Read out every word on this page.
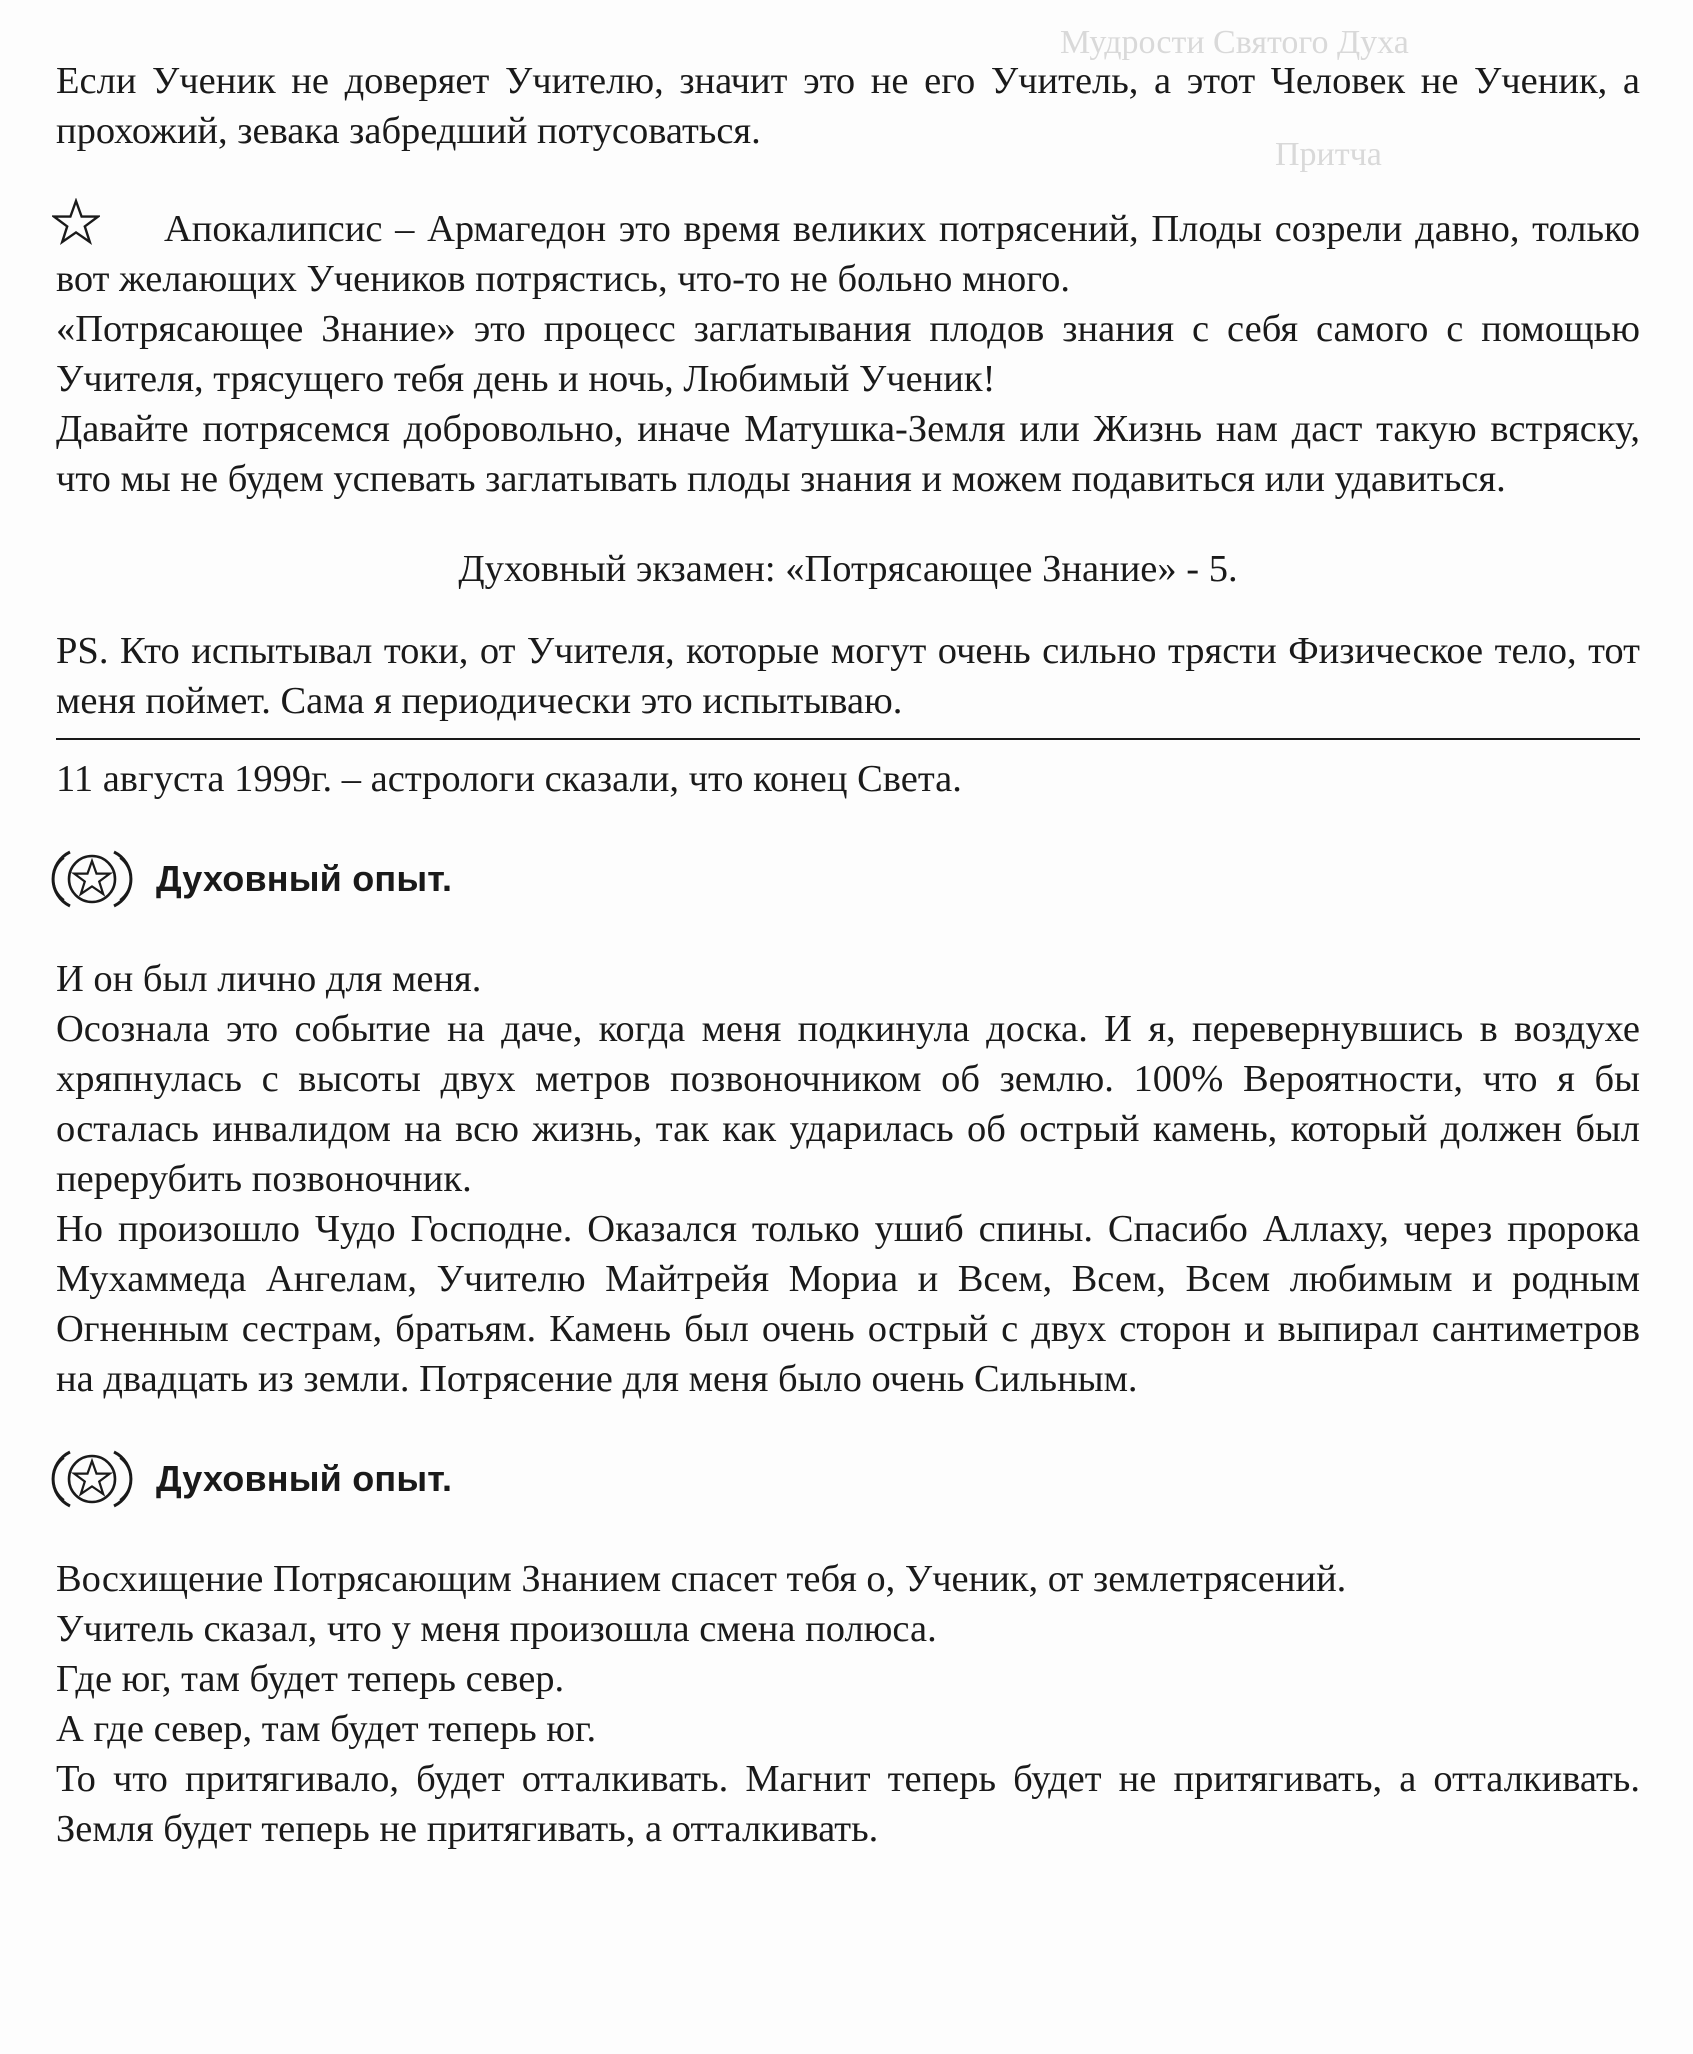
Мудрости Святого Духа
Притча

Если Ученик не доверяет Учителю, значит это не его Учитель, а этот Человек не Ученик, а прохожий, зевака забредший потусоваться.

Апокалипсис – Армагедон это время великих потрясений, Плоды созрели давно, только вот желающих Учеников потрястись, что-то не больно много.

«Потрясающее Знание» это процесс заглатывания плодов знания с себя самого с помощью Учителя, трясущего тебя день и ночь, Любимый Ученик!

Давайте потрясемся добровольно, иначе Матушка-Земля или Жизнь нам даст такую встряску, что мы не будем успевать заглатывать плоды знания и можем подавиться или удавиться.

Духовный экзамен: «Потрясающее Знание» - 5.

PS. Кто испытывал токи, от Учителя, которые могут очень сильно трясти Физическое тело, тот меня поймет. Сама я периодически это испытываю.

11 августа 1999г. – астрологи сказали, что конец Света.

Духовный опыт.

И он был лично для меня.

Осознала это событие на даче, когда меня подкинула доска. И я, перевернувшись в воздухе хряпнулась с высоты двух метров позвоночником об землю. 100% Вероятности, что я бы осталась инвалидом на всю жизнь, так как ударилась об острый камень, который должен был перерубить позвоночник.

Но произошло Чудо Господне. Оказался только ушиб спины. Спасибо Аллаху, через пророка Мухаммеда Ангелам, Учителю Майтрейя Мориа и Всем, Всем, Всем любимым и родным Огненным сестрам, братьям. Камень был очень острый с двух сторон и выпирал сантиметров на двадцать из земли. Потрясение для меня было очень Сильным.

Духовный опыт.

Восхищение Потрясающим Знанием спасет тебя о, Ученик, от землетрясений.

Учитель сказал, что у меня произошла смена полюса.

Где юг, там будет теперь север.

А где север, там будет теперь юг.

То что притягивало, будет отталкивать. Магнит теперь будет не притягивать, а отталкивать. Земля будет теперь не притягивать, а отталкивать.
